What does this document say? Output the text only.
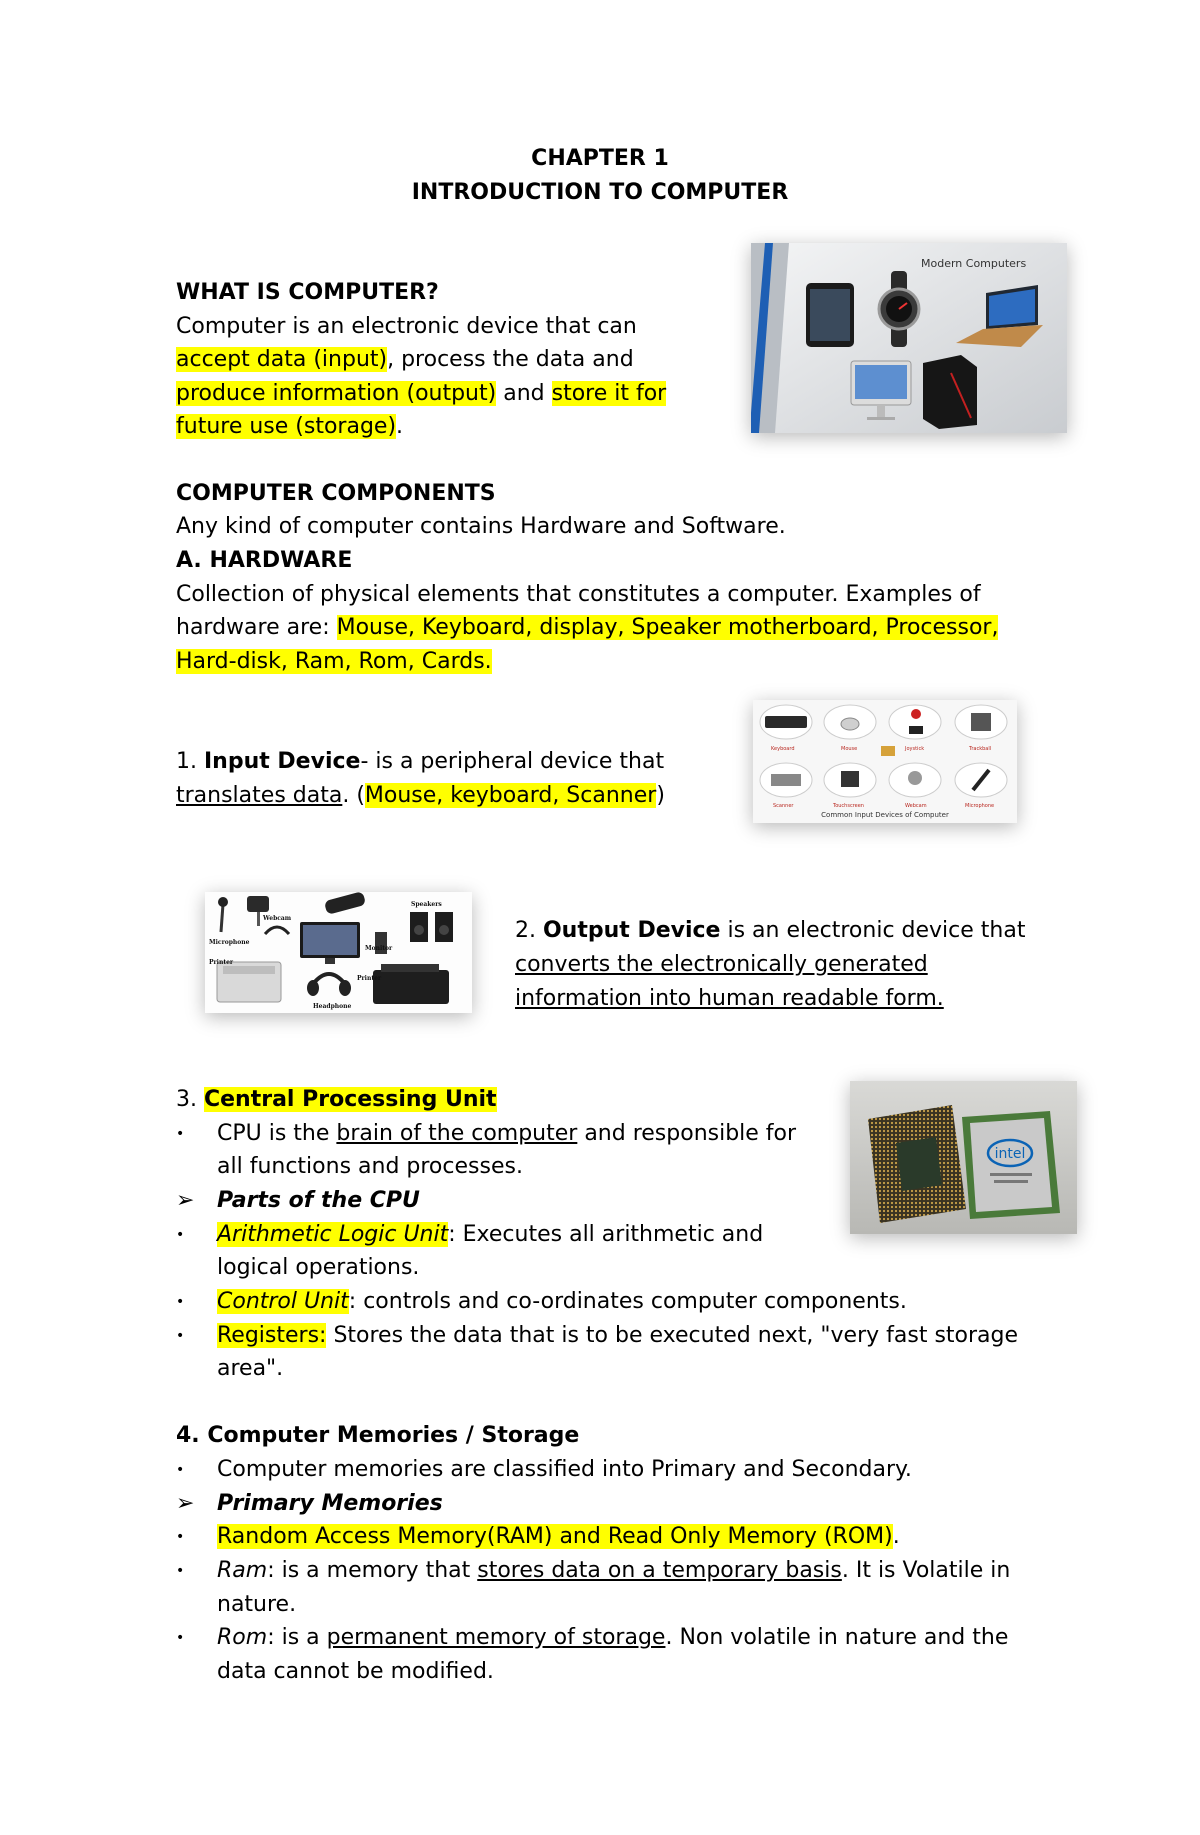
CHAPTER 1
INTRODUCTION TO COMPUTER
WHAT IS COMPUTER?
Computer is an electronic device that can
accept data (input), process the data and
produce information (output) and store it for
future use (storage).
Modern Computers
COMPUTER COMPONENTS
Any kind of computer contains Hardware and Software.
A. HARDWARE
Collection of physical elements that constitutes a computer. Examples of
hardware are: Mouse, Keyboard, display, Speaker motherboard, Processor,
Hard-disk, Ram, Rom, Cards.
1. Input Device- is a peripheral device that
translates data. (Mouse, keyboard, Scanner)
Keyboard	Mouse	Joystick	Trackball
Scanner	Touchscreen	Webcam	Microphone
Common Input Devices of Computer
Webcam
Speakers
Microphone
Monitor
Printer
Printer
Headphone
2. Output Device is an electronic device that
converts the electronically generated
information into human readable form.
3. Central Processing Unit
• CPU is the brain of the computer and responsible for
all functions and processes.
➢ Parts of the CPU
• Arithmetic Logic Unit: Executes all arithmetic and
logical operations.
• Control Unit: controls and co-ordinates computer components.
• Registers: Stores the data that is to be executed next, "very fast storage
area".
intel
4. Computer Memories / Storage
• Computer memories are classified into Primary and Secondary.
➢ Primary Memories
• Random Access Memory(RAM) and Read Only Memory (ROM).
• Ram: is a memory that stores data on a temporary basis. It is Volatile in
nature.
• Rom: is a permanent memory of storage. Non volatile in nature and the
data cannot be modified.
